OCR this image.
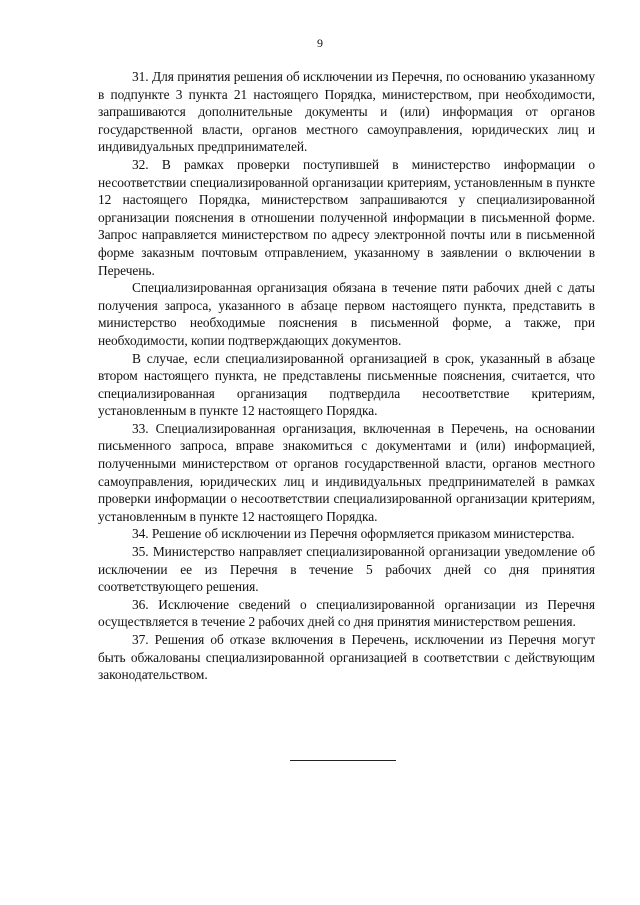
9

31. Для принятия решения об исключении из Перечня, по основанию указанному в подпункте 3 пункта 21 настоящего Порядка, министерством, при необходимости, запрашиваются дополнительные документы и (или) информация от органов государственной власти, органов местного самоуправления, юридических лиц и индивидуальных предпринимателей.

32. В рамках проверки поступившей в министерство информации о несоответствии специализированной организации критериям, установленным в пункте 12 настоящего Порядка, министерством запрашиваются у специализированной организации пояснения в отношении полученной информации в письменной форме. Запрос направляется министерством по адресу электронной почты или в письменной форме заказным почтовым отправлением, указанному в заявлении о включении в Перечень.

Специализированная организация обязана в течение пяти рабочих дней с даты получения запроса, указанного в абзаце первом настоящего пункта, представить в министерство необходимые пояснения в письменной форме, а также, при необходимости, копии подтверждающих документов.

В случае, если специализированной организацией в срок, указанный в абзаце втором настоящего пункта, не представлены письменные пояснения, считается, что специализированная организация подтвердила несоответствие критериям, установленным в пункте 12 настоящего Порядка.

33. Специализированная организация, включенная в Перечень, на основании письменного запроса, вправе знакомиться с документами и (или) информацией, полученными министерством от органов государственной власти, органов местного самоуправления, юридических лиц и индивидуальных предпринимателей в рамках проверки информации о несоответствии специализированной организации критериям, установленным в пункте 12 настоящего Порядка.

34. Решение об исключении из Перечня оформляется приказом министерства.

35. Министерство направляет специализированной организации уведомление об исключении ее из Перечня в течение 5 рабочих дней со дня принятия соответствующего решения.

36. Исключение сведений о специализированной организации из Перечня осуществляется в течение 2 рабочих дней со дня принятия министерством решения.

37. Решения об отказе включения в Перечень, исключении из Перечня могут быть обжалованы специализированной организацией в соответствии с действующим законодательством.
